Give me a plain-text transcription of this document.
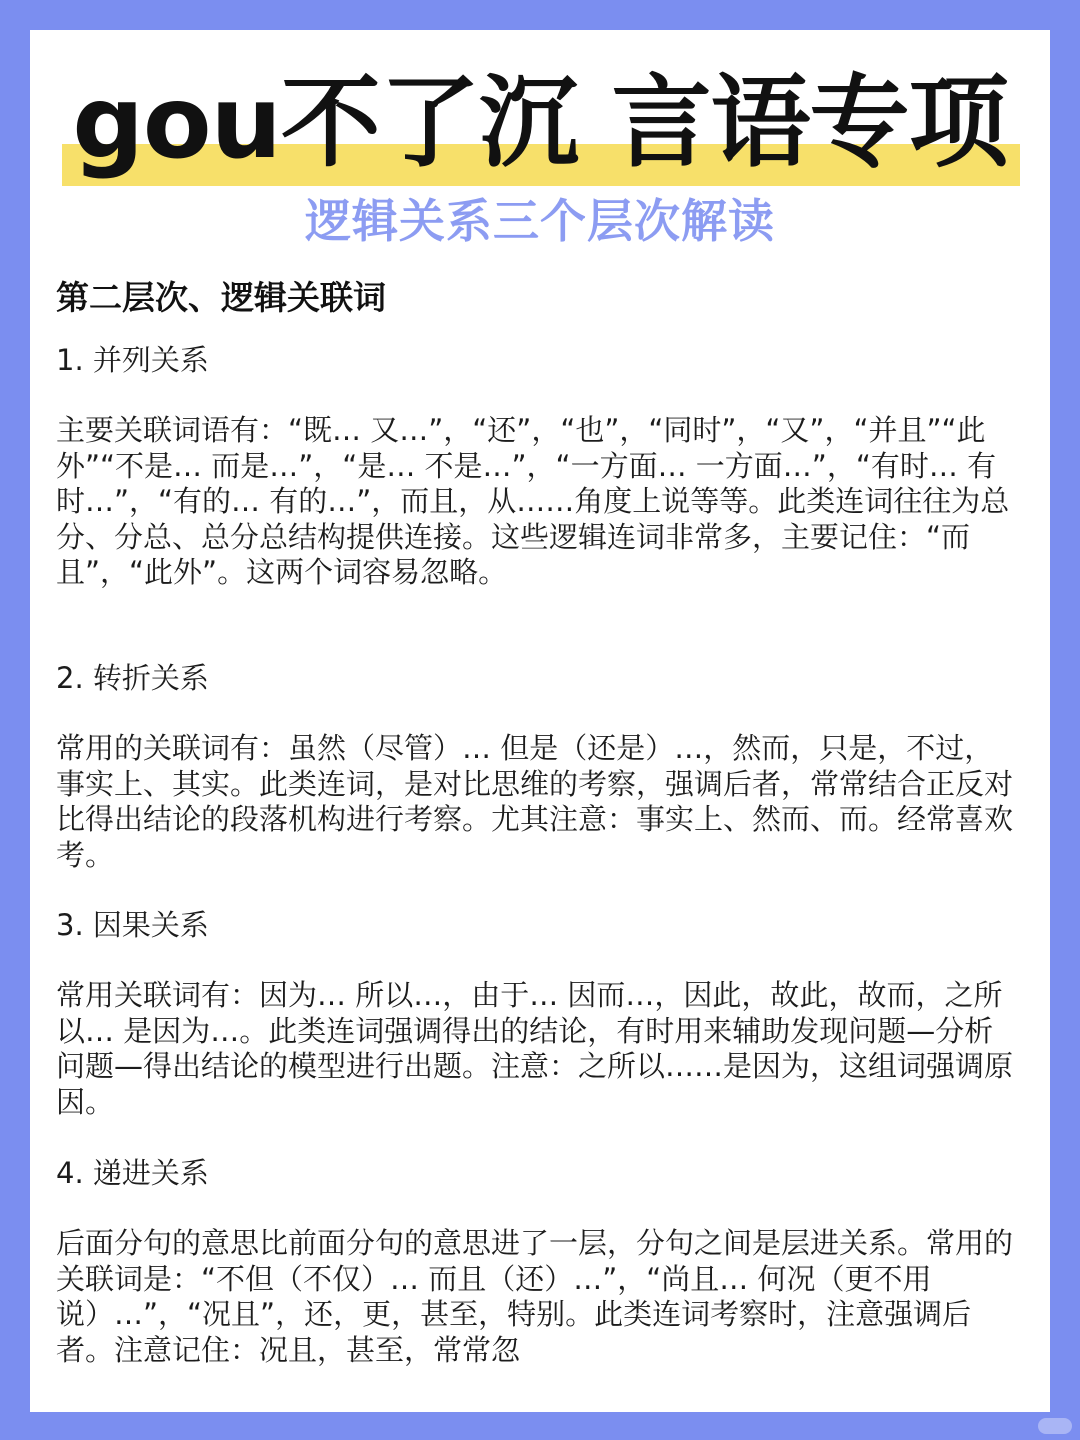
gou不了沉 言语专项
逻辑关系三个层次解读
第二层次、逻辑关联词
1. 并列关系

主要关联词语有：“既… 又…”，“还”，“也”，“同时”，“又”，“并且”“此外”“不是… 而是…”，“是… 不是…”，“一方面… 一方面…”，“有时… 有时…”，“有的… 有的…”，而且，从……角度上说等等。此类连词往往为总分、分总、总分总结构提供连接。这些逻辑连词非常多，主要记住：“而且”，“此外”。这两个词容易忽略。

2. 转折关系

常用的关联词有：虽然（尽管）… 但是（还是）…，然而，只是，不过，事实上、其实。此类连词，是对比思维的考察，强调后者，常常结合正反对比得出结论的段落机构进行考察。尤其注意：事实上、然而、而。经常喜欢考。

3. 因果关系

常用关联词有：因为… 所以…，由于… 因而…，因此，故此，故而，之所以… 是因为…。此类连词强调得出的结论，有时用来辅助发现问题—分析问题—得出结论的模型进行出题。注意：之所以……是因为，这组词强调原因。

4. 递进关系

后面分句的意思比前面分句的意思进了一层，分句之间是层进关系。常用的关联词是：“不但（不仅）… 而且（还）…”，“尚且… 何况（更不用说）…”，“况且”，还，更，甚至，特别。此类连词考察时，注意强调后者。注意记住：况且，甚至，常常忽
